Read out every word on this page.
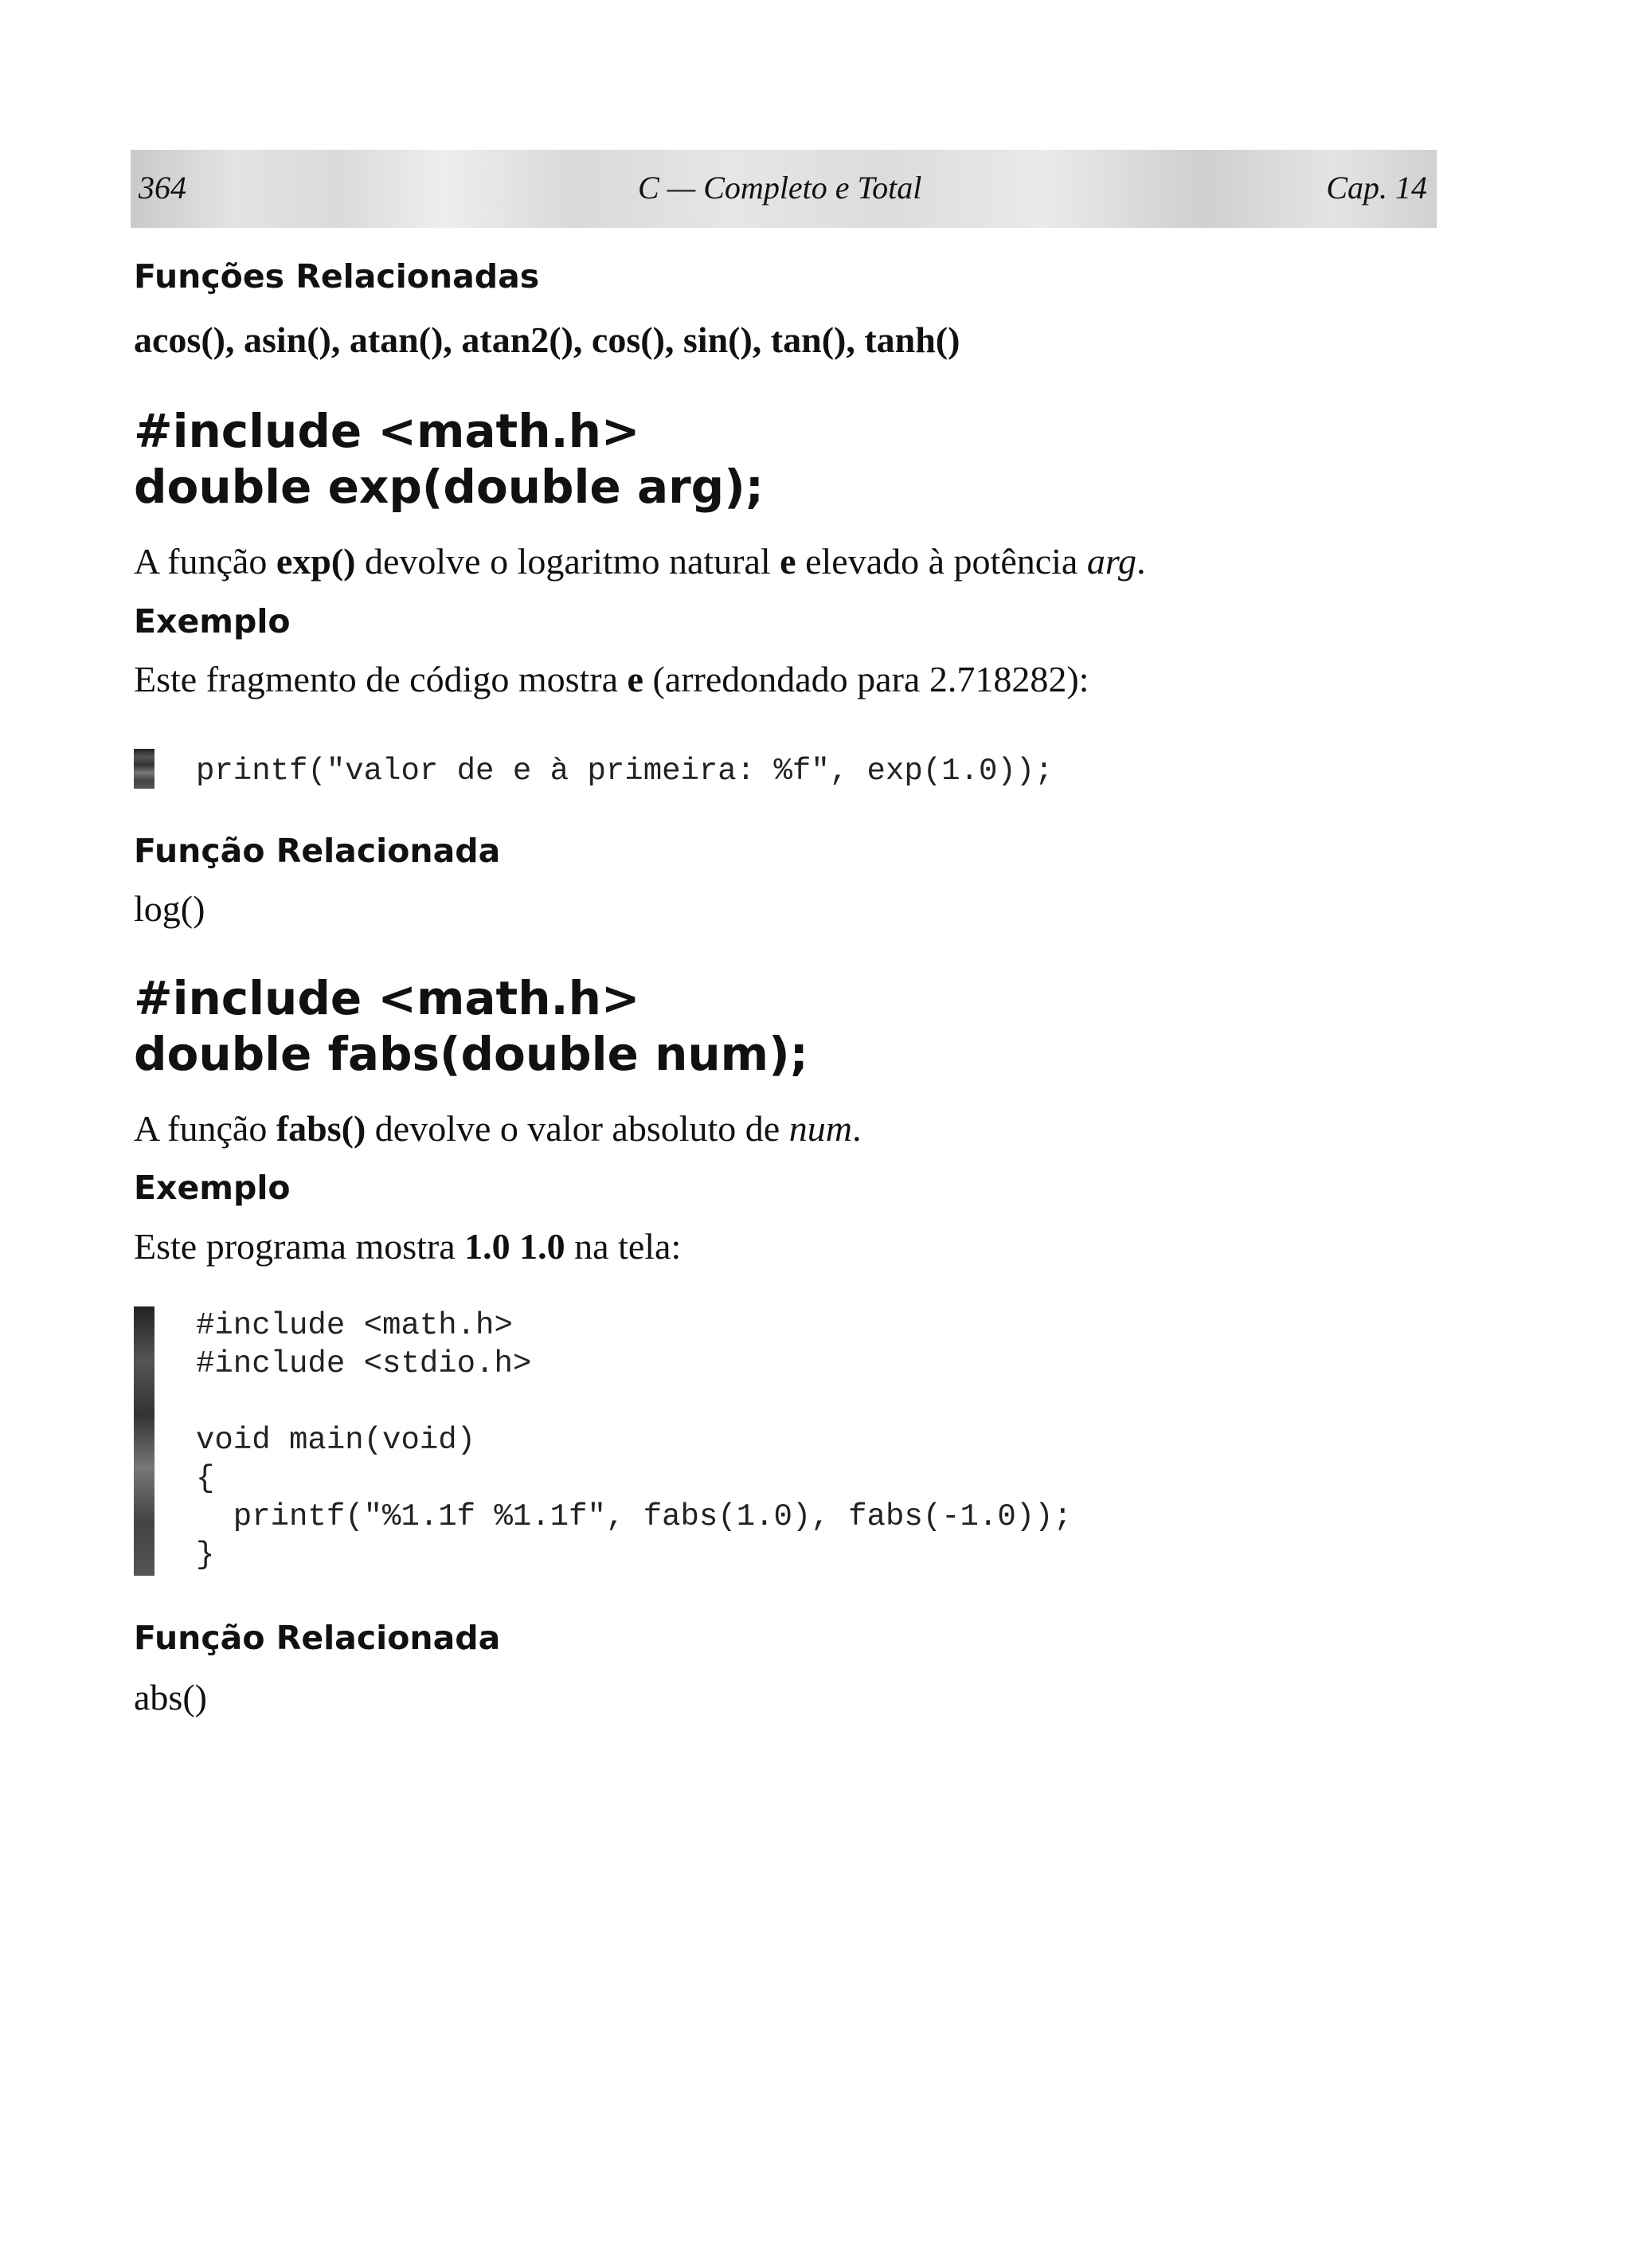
364	C — Completo e Total	Cap. 14
Funções Relacionadas

acos(), asin(), atan(), atan2(), cos(), sin(), tan(), tanh()

#include <math.h>
double exp(double arg);

A função exp() devolve o logaritmo natural e elevado à potência arg.

Exemplo

Este fragmento de código mostra e (arredondado para 2.718282):

printf("valor de e à primeira: %f", exp(1.0));
Função Relacionada

log()

#include <math.h>
double fabs(double num);

A função fabs() devolve o valor absoluto de num.

Exemplo

Este programa mostra 1.0 1.0 na tela:

#include <math.h>
#include <stdio.h>

void main(void)
{
printf("%1.1f %1.1f", fabs(1.0), fabs(-1.0));
}
Função Relacionada

abs()
